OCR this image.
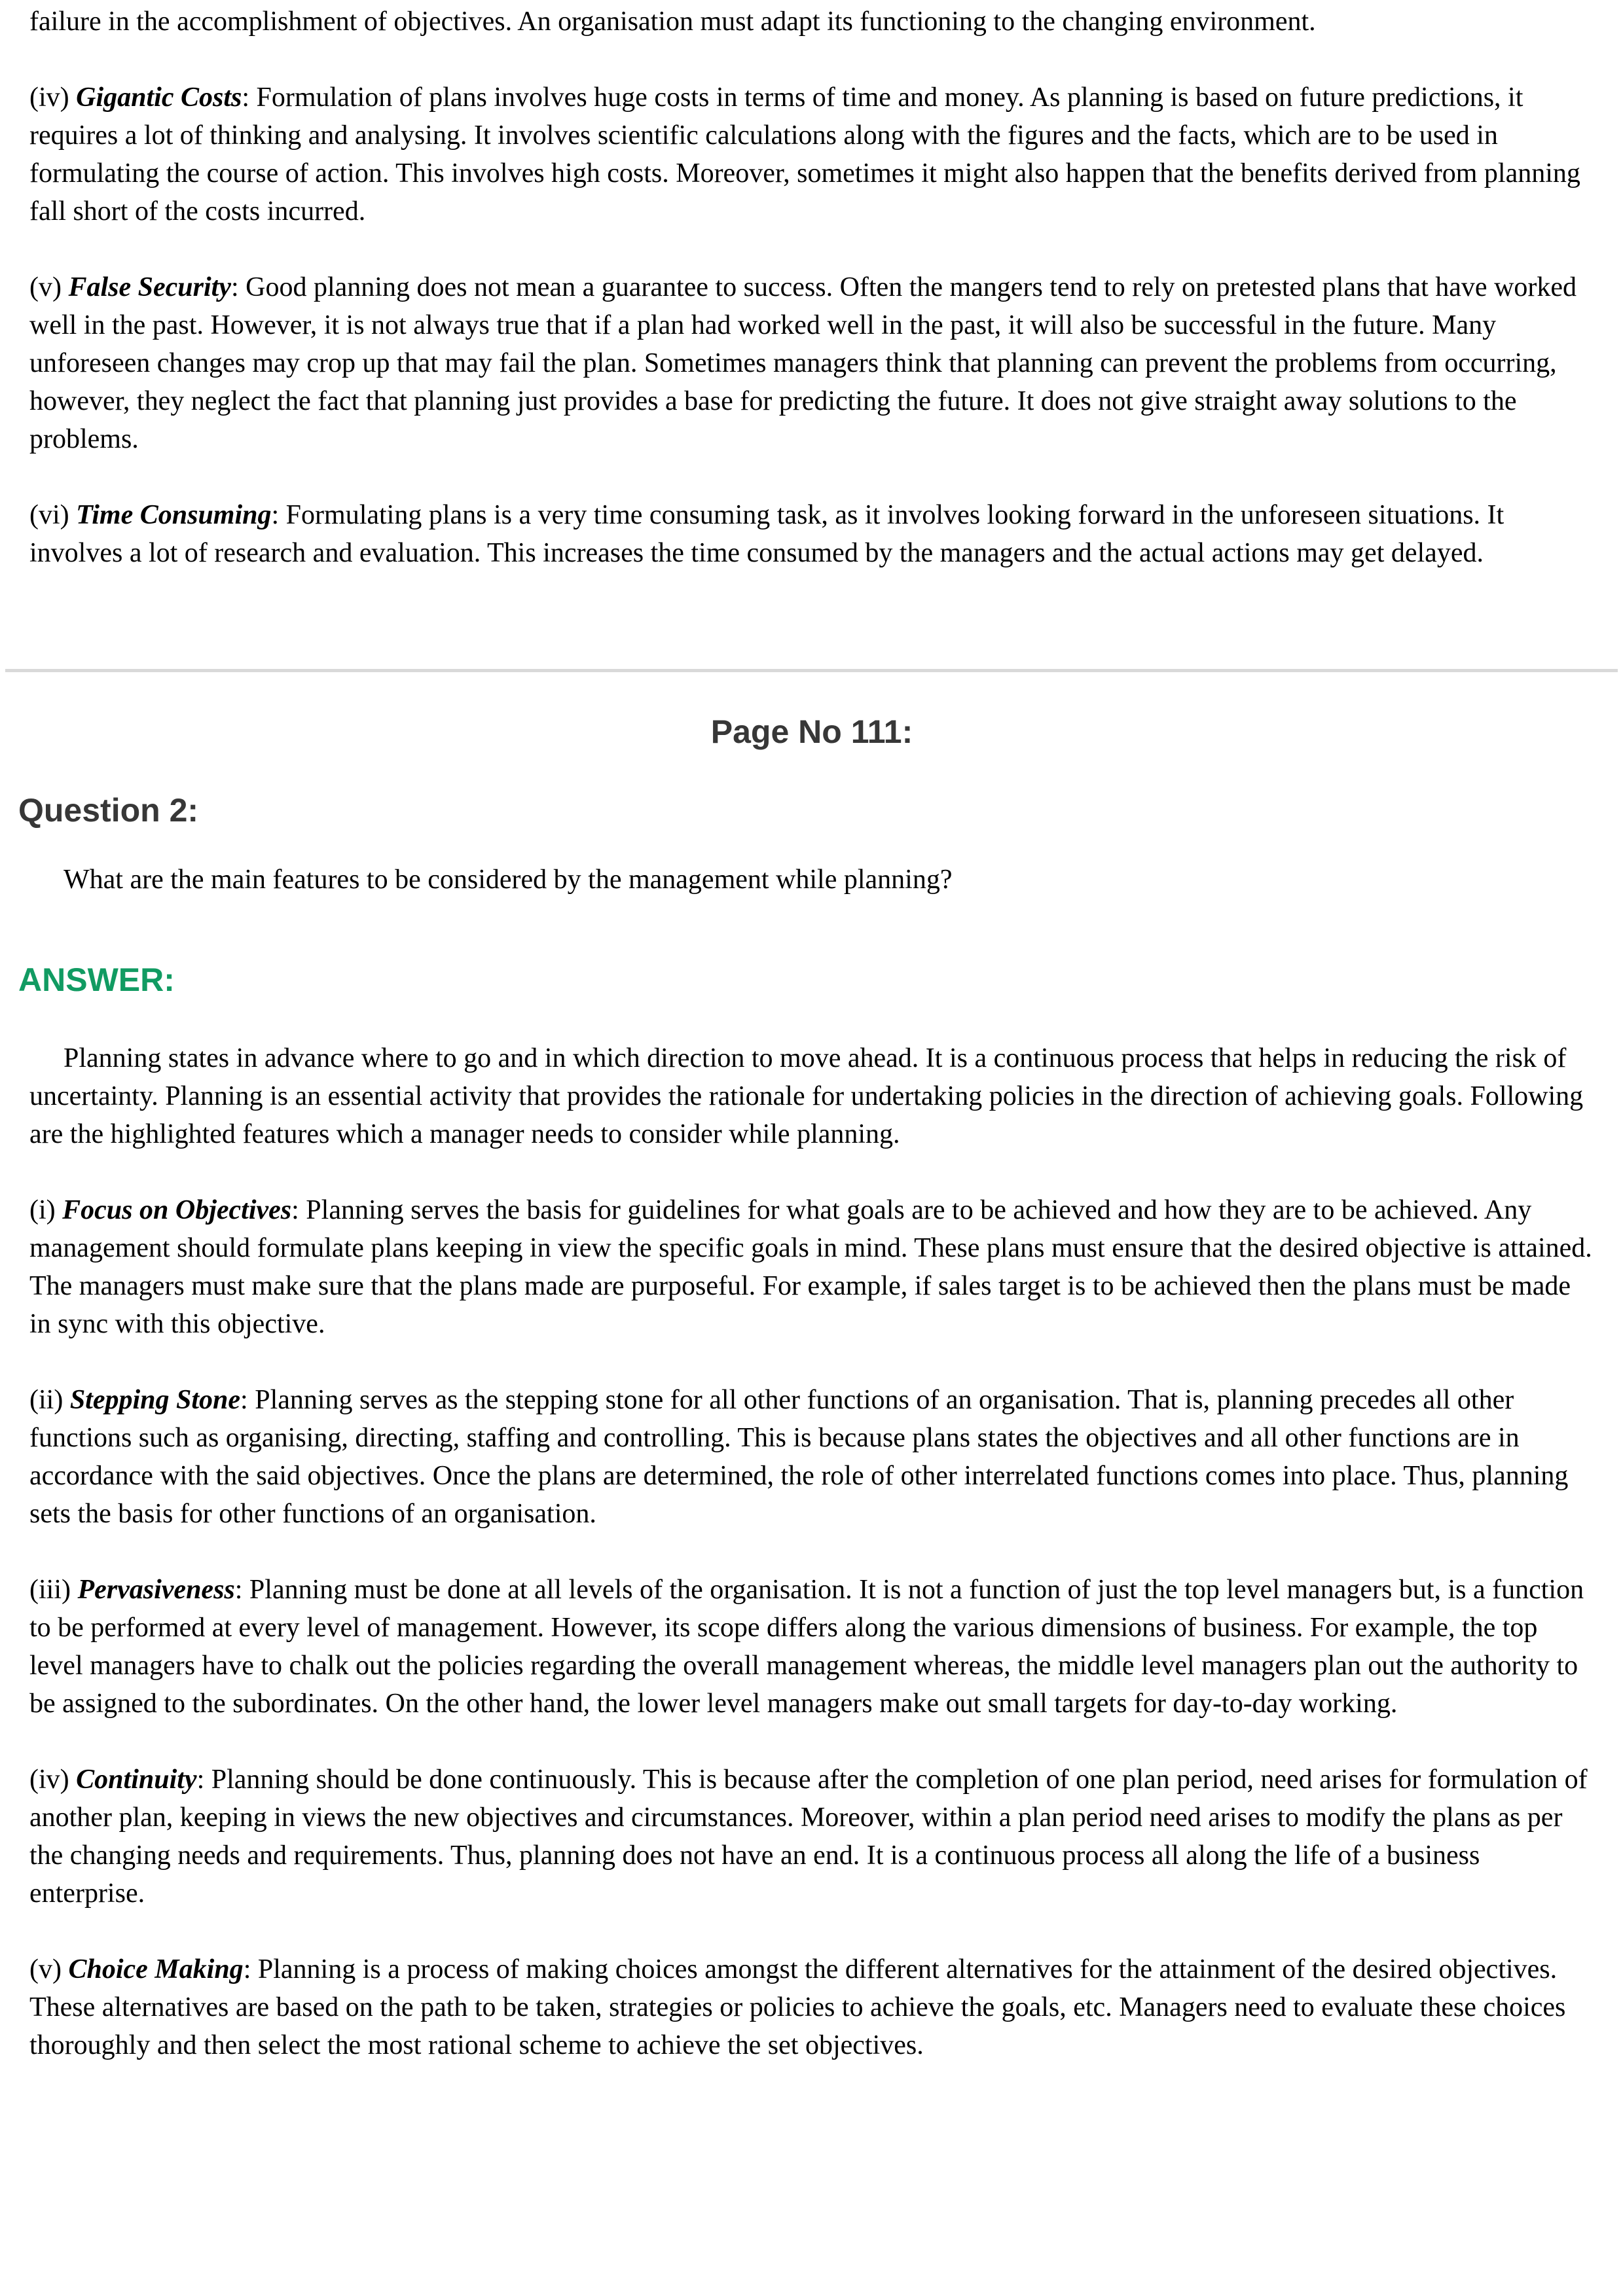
failure in the accomplishment of objectives. An organisation must adapt its functioning to the changing environment.

(iv) Gigantic Costs: Formulation of plans involves huge costs in terms of time and money. As planning is based on future predictions, it requires a lot of thinking and analysing. It involves scientific calculations along with the figures and the facts, which are to be used in formulating the course of action. This involves high costs. Moreover, sometimes it might also happen that the benefits derived from planning fall short of the costs incurred.

(v) False Security: Good planning does not mean a guarantee to success. Often the mangers tend to rely on pretested plans that have worked well in the past. However, it is not always true that if a plan had worked well in the past, it will also be successful in the future. Many unforeseen changes may crop up that may fail the plan. Sometimes managers think that planning can prevent the problems from occurring, however, they neglect the fact that planning just provides a base for predicting the future. It does not give straight away solutions to the problems.

(vi) Time Consuming: Formulating plans is a very time consuming task, as it involves looking forward in the unforeseen situations. It involves a lot of research and evaluation. This increases the time consumed by the managers and the actual actions may get delayed.

Page No 111:
Question 2:

What are the main features to be considered by the management while planning?

ANSWER:

Planning states in advance where to go and in which direction to move ahead. It is a continuous process that helps in reducing the risk of uncertainty. Planning is an essential activity that provides the rationale for undertaking policies in the direction of achieving goals. Following are the highlighted features which a manager needs to consider while planning.

(i) Focus on Objectives: Planning serves the basis for guidelines for what goals are to be achieved and how they are to be achieved. Any management should formulate plans keeping in view the specific goals in mind. These plans must ensure that the desired objective is attained. The managers must make sure that the plans made are purposeful. For example, if sales target is to be achieved then the plans must be made in sync with this objective.

(ii) Stepping Stone: Planning serves as the stepping stone for all other functions of an organisation. That is, planning precedes all other functions such as organising, directing, staffing and controlling. This is because plans states the objectives and all other functions are in accordance with the said objectives. Once the plans are determined, the role of other interrelated functions comes into place. Thus, planning sets the basis for other functions of an organisation.

(iii) Pervasiveness: Planning must be done at all levels of the organisation. It is not a function of just the top level managers but, is a function to be performed at every level of management. However, its scope differs along the various dimensions of business. For example, the top level managers have to chalk out the policies regarding the overall management whereas, the middle level managers plan out the authority to be assigned to the subordinates. On the other hand, the lower level managers make out small targets for day-to-day working.

(iv) Continuity: Planning should be done continuously. This is because after the completion of one plan period, need arises for formulation of another plan, keeping in views the new objectives and circumstances. Moreover, within a plan period need arises to modify the plans as per the changing needs and requirements. Thus, planning does not have an end. It is a continuous process all along the life of a business enterprise.

(v) Choice Making: Planning is a process of making choices amongst the different alternatives for the attainment of the desired objectives. These alternatives are based on the path to be taken, strategies or policies to achieve the goals, etc. Managers need to evaluate these choices thoroughly and then select the most rational scheme to achieve the set objectives.
